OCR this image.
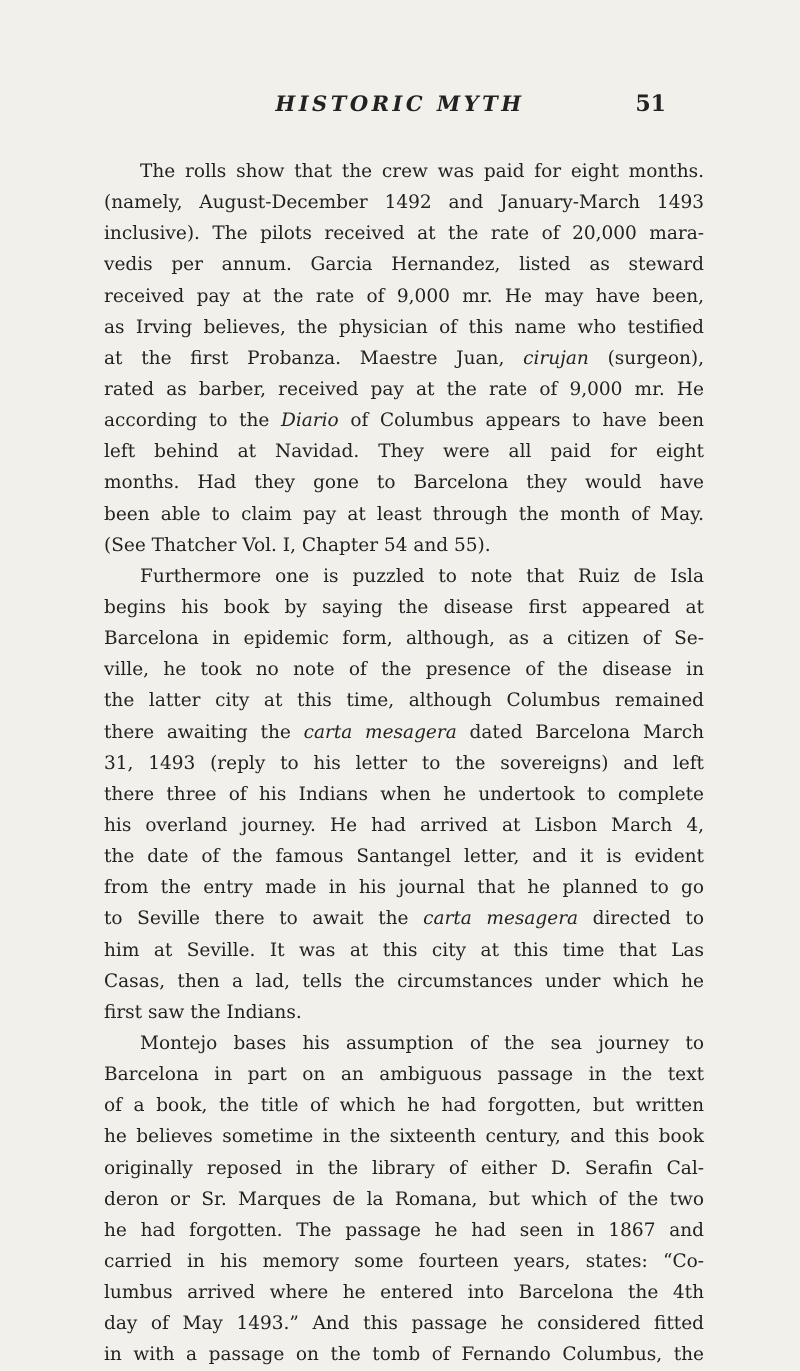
HISTORIC MYTH	51
The rolls show that the crew was paid for eight months.
(namely, August-December 1492 and January-March 1493
inclusive). The pilots received at the rate of 20,000 mara-
vedis per annum. Garcia Hernandez, listed as steward
received pay at the rate of 9,000 mr. He may have been,
as Irving believes, the physician of this name who testified
at the first Probanza. Maestre Juan, cirujan (surgeon),
rated as barber, received pay at the rate of 9,000 mr. He
according to the Diario of Columbus appears to have been
left behind at Navidad. They were all paid for eight
months. Had they gone to Barcelona they would have
been able to claim pay at least through the month of May.
(See Thatcher Vol. I, Chapter 54 and 55).
Furthermore one is puzzled to note that Ruiz de Isla
begins his book by saying the disease first appeared at
Barcelona in epidemic form, although, as a citizen of Se-
ville, he took no note of the presence of the disease in
the latter city at this time, although Columbus remained
there awaiting the carta mesagera dated Barcelona March
31, 1493 (reply to his letter to the sovereigns) and left
there three of his Indians when he undertook to complete
his overland journey. He had arrived at Lisbon March 4,
the date of the famous Santangel letter, and it is evident
from the entry made in his journal that he planned to go
to Seville there to await the carta mesagera directed to
him at Seville. It was at this city at this time that Las
Casas, then a lad, tells the circumstances under which he
first saw the Indians.
Montejo bases his assumption of the sea journey to
Barcelona in part on an ambiguous passage in the text
of a book, the title of which he had forgotten, but written
he believes sometime in the sixteenth century, and this book
originally reposed in the library of either D. Serafin Cal-
deron or Sr. Marques de la Romana, but which of the two
he had forgotten. The passage he had seen in 1867 and
carried in his memory some fourteen years, states: “Co-
lumbus arrived where he entered into Barcelona the 4th
day of May 1493.” And this passage he considered fitted
in with a passage on the tomb of Fernando Columbus, the
